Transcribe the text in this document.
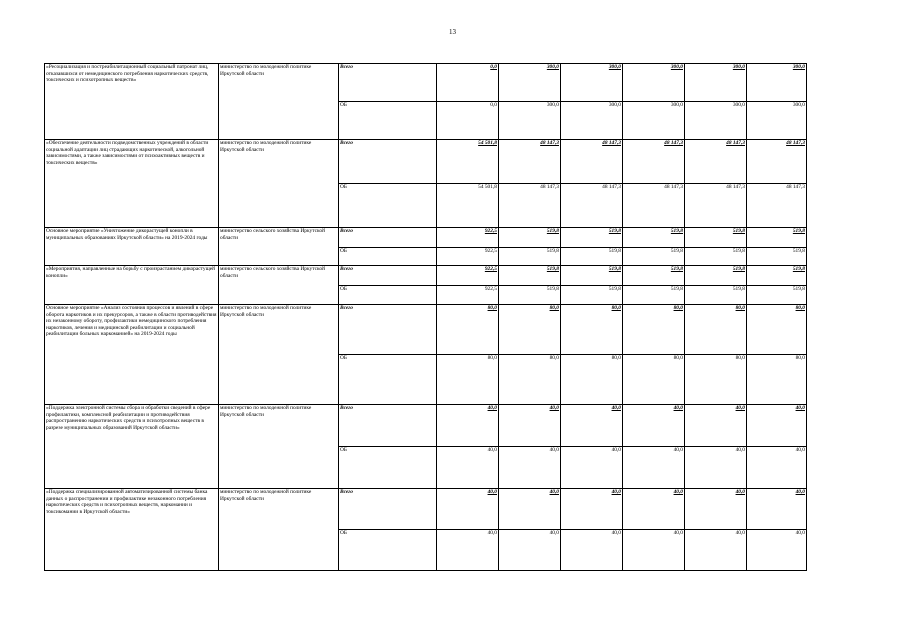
13
«Ресоциализация и постреабилитационный социальный патронат лиц, отказавшихся от немедицинского потребления наркотических средств, токсических и психотропных веществ»	министерство по молодежной политике Иркутской области	Всего	0,0	300,0	300,0	300,0	300,0	300,0
		ОБ	0,0	300,0	300,0	300,0	300,0	300,0
«Обеспечение деятельности подведомственных учреждений в области социальной адаптации лиц страдающих наркотической, алкогольной зависимостями, а также зависимостями от психоактивных веществ и токсических веществ»	министерство по молодежной политике Иркутской области	Всего	54 501,8	48 147,3	48 147,3	48 147,3	48 147,3	48 147,3
		ОБ	54 501,8	48 147,3	48 147,3	48 147,3	48 147,3	48 147,3
Основное мероприятие «Уничтожение дикорастущей конопли в муниципальных образованиях Иркутской области» на 2019-2024 годы	министерство сельского хозяйства Иркутской области	Всего	922,5	519,8	519,8	519,8	519,8	519,8
		ОБ	922,5	519,8	519,8	519,8	519,8	519,8
«Мероприятия, направленные на борьбу с произрастанием дикорастущей конопли»	министерство сельского хозяйства Иркутской области	Всего	922,5	519,8	519,8	519,8	519,8	519,8
		ОБ	922,5	519,8	519,8	519,8	519,8	519,8
Основное мероприятие «Анализ состояния процессов и явлений в сфере оборота наркотиков и их прекурсоров, а также в области противодействия их незаконному обороту, профилактики немедицинского потребления наркотиков, лечения и медицинской реабилитации и социальной реабилитации больных наркоманией» на 2019-2024 годы	министерство по молодежной политике Иркутской области	Всего	80,0	80,0	80,0	80,0	80,0	80,0
		ОБ	80,0	80,0	80,0	80,0	80,0	80,0
«Поддержка электронной системы сбора и обработки сведений в сфере профилактики, комплексной реабилитации и противодействия распространению наркотических средств и психотропных веществ в разрезе муниципальных образований Иркутской области»	министерство по молодежной политике Иркутской области	Всего	40,0	40,0	40,0	40,0	40,0	40,0
		ОБ	40,0	40,0	40,0	40,0	40,0	40,0
«Поддержка специализированной автоматизированной системы банка данных о распространении и профилактике незаконного потребления наркотических средств и психотропных веществ, наркомании и токсикомании в Иркутской области»	министерство по молодежной политике Иркутской области	Всего	40,0	40,0	40,0	40,0	40,0	40,0
		ОБ	40,0	40,0	40,0	40,0	40,0	40,0
